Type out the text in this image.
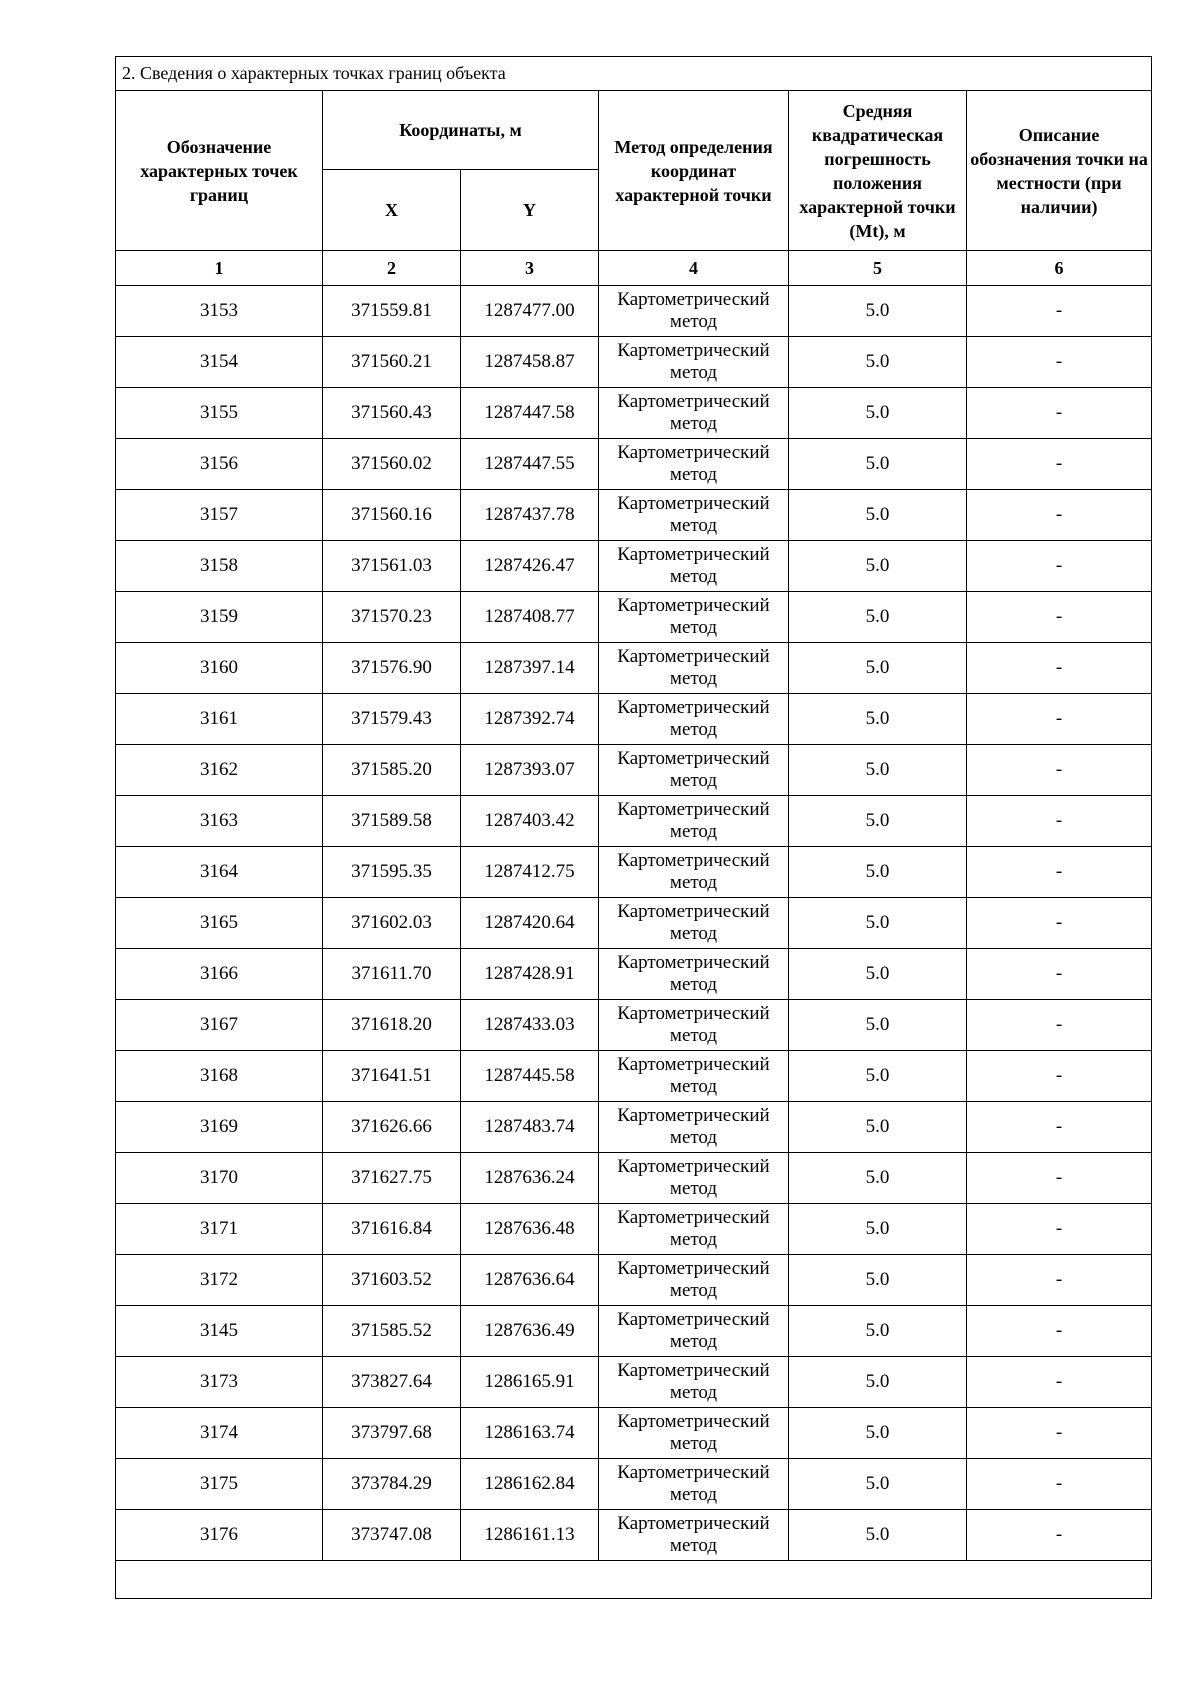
2. Сведения о характерных точках границ объекта					
Обозначение характерных точек границ	Координаты, м		Метод определения координат характерной точки	Средняя квадратическая погрешность положения характерной точки (Mt), м	Описание обозначения точки на местности (при наличии)
	X	Y			
1	2	3	4	5	6
3153	371559.81	1287477.00	Картометрический метод	5.0	-
3154	371560.21	1287458.87	Картометрический метод	5.0	-
3155	371560.43	1287447.58	Картометрический метод	5.0	-
3156	371560.02	1287447.55	Картометрический метод	5.0	-
3157	371560.16	1287437.78	Картометрический метод	5.0	-
3158	371561.03	1287426.47	Картометрический метод	5.0	-
3159	371570.23	1287408.77	Картометрический метод	5.0	-
3160	371576.90	1287397.14	Картометрический метод	5.0	-
3161	371579.43	1287392.74	Картометрический метод	5.0	-
3162	371585.20	1287393.07	Картометрический метод	5.0	-
3163	371589.58	1287403.42	Картометрический метод	5.0	-
3164	371595.35	1287412.75	Картометрический метод	5.0	-
3165	371602.03	1287420.64	Картометрический метод	5.0	-
3166	371611.70	1287428.91	Картометрический метод	5.0	-
3167	371618.20	1287433.03	Картометрический метод	5.0	-
3168	371641.51	1287445.58	Картометрический метод	5.0	-
3169	371626.66	1287483.74	Картометрический метод	5.0	-
3170	371627.75	1287636.24	Картометрический метод	5.0	-
3171	371616.84	1287636.48	Картометрический метод	5.0	-
3172	371603.52	1287636.64	Картометрический метод	5.0	-
3145	371585.52	1287636.49	Картометрический метод	5.0	-
3173	373827.64	1286165.91	Картометрический метод	5.0	-
3174	373797.68	1286163.74	Картометрический метод	5.0	-
3175	373784.29	1286162.84	Картометрический метод	5.0	-
3176	373747.08	1286161.13	Картометрический метод	5.0	-
